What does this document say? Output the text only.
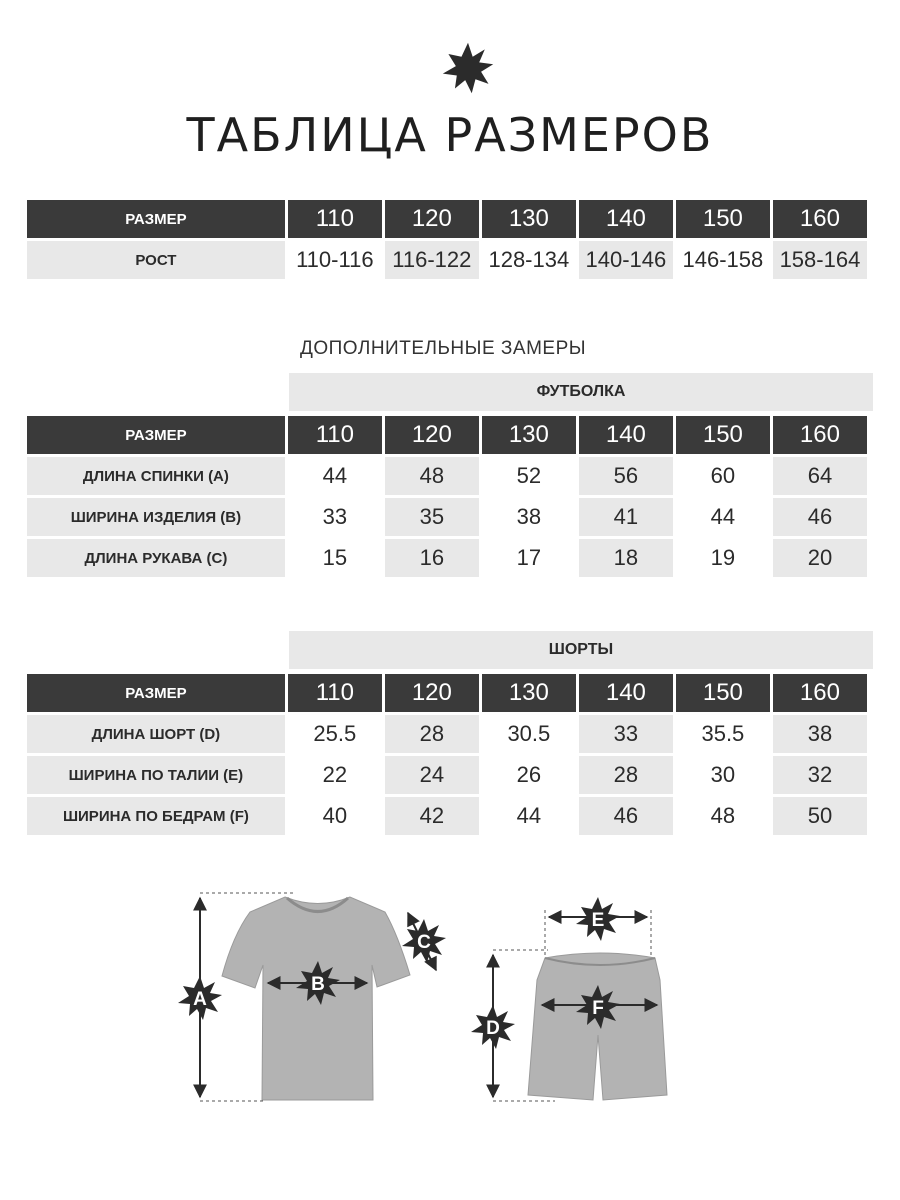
ТАБЛИЦА РАЗМЕРОВ
РАЗМЕР	110	120	130	140	150	160
РОСТ	110-116	116-122	128-134	140-146	146-158	158-164
ДОПОЛНИТЕЛЬНЫЕ ЗАМЕРЫ
ФУТБОЛКА
РАЗМЕР	110	120	130	140	150	160
ДЛИНА СПИНКИ (А)	44	48	52	56	60	64
ШИРИНА ИЗДЕЛИЯ (B)	33	35	38	41	44	46
ДЛИНА РУКАВА (С)	15	16	17	18	19	20
ШОРТЫ
РАЗМЕР	110	120	130	140	150	160
ДЛИНА ШОРТ (D)	25.5	28	30.5	33	35.5	38
ШИРИНА ПО ТАЛИИ (E)	22	24	26	28	30	32
ШИРИНА ПО БЕДРАМ (F)	40	42	44	46	48	50
A
B
C
D
E
F
